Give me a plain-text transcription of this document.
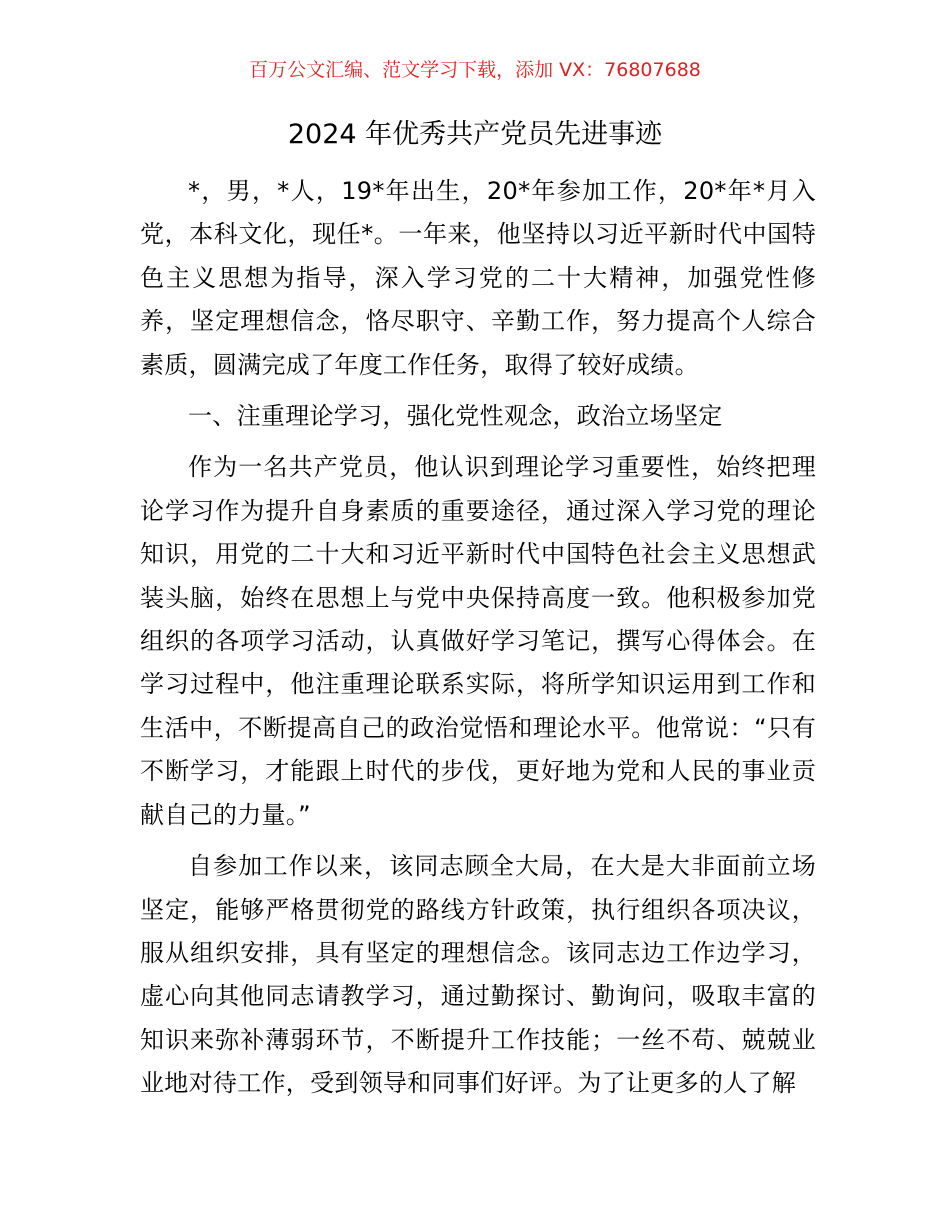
百万公文汇编、范文学习下载，添加 VX：76807688
2024 年优秀共产党员先进事迹

*，男，*人，19*年出生，20*年参加工作，20*年*月入党，本科文化，现任*。一年来，他坚持以习近平新时代中国特色主义思想为指导，深入学习党的二十大精神，加强党性修养，坚定理想信念，恪尽职守、辛勤工作，努力提高个人综合素质，圆满完成了年度工作任务，取得了较好成绩。

一、注重理论学习，强化党性观念，政治立场坚定

作为一名共产党员，他认识到理论学习重要性，始终把理论学习作为提升自身素质的重要途径，通过深入学习党的理论知识，用党的二十大和习近平新时代中国特色社会主义思想武装头脑，始终在思想上与党中央保持高度一致。他积极参加党组织的各项学习活动，认真做好学习笔记，撰写心得体会。在学习过程中，他注重理论联系实际，将所学知识运用到工作和生活中，不断提高自己的政治觉悟和理论水平。他常说：“只有不断学习，才能跟上时代的步伐，更好地为党和人民的事业贡献自己的力量。”

自参加工作以来，该同志顾全大局，在大是大非面前立场坚定，能够严格贯彻党的路线方针政策，执行组织各项决议，服从组织安排，具有坚定的理想信念。该同志边工作边学习，虚心向其他同志请教学习，通过勤探讨、勤询问，吸取丰富的知识来弥补薄弱环节，不断提升工作技能；一丝不苟、兢兢业业地对待工作，受到领导和同事们好评。为了让更多的人了解
